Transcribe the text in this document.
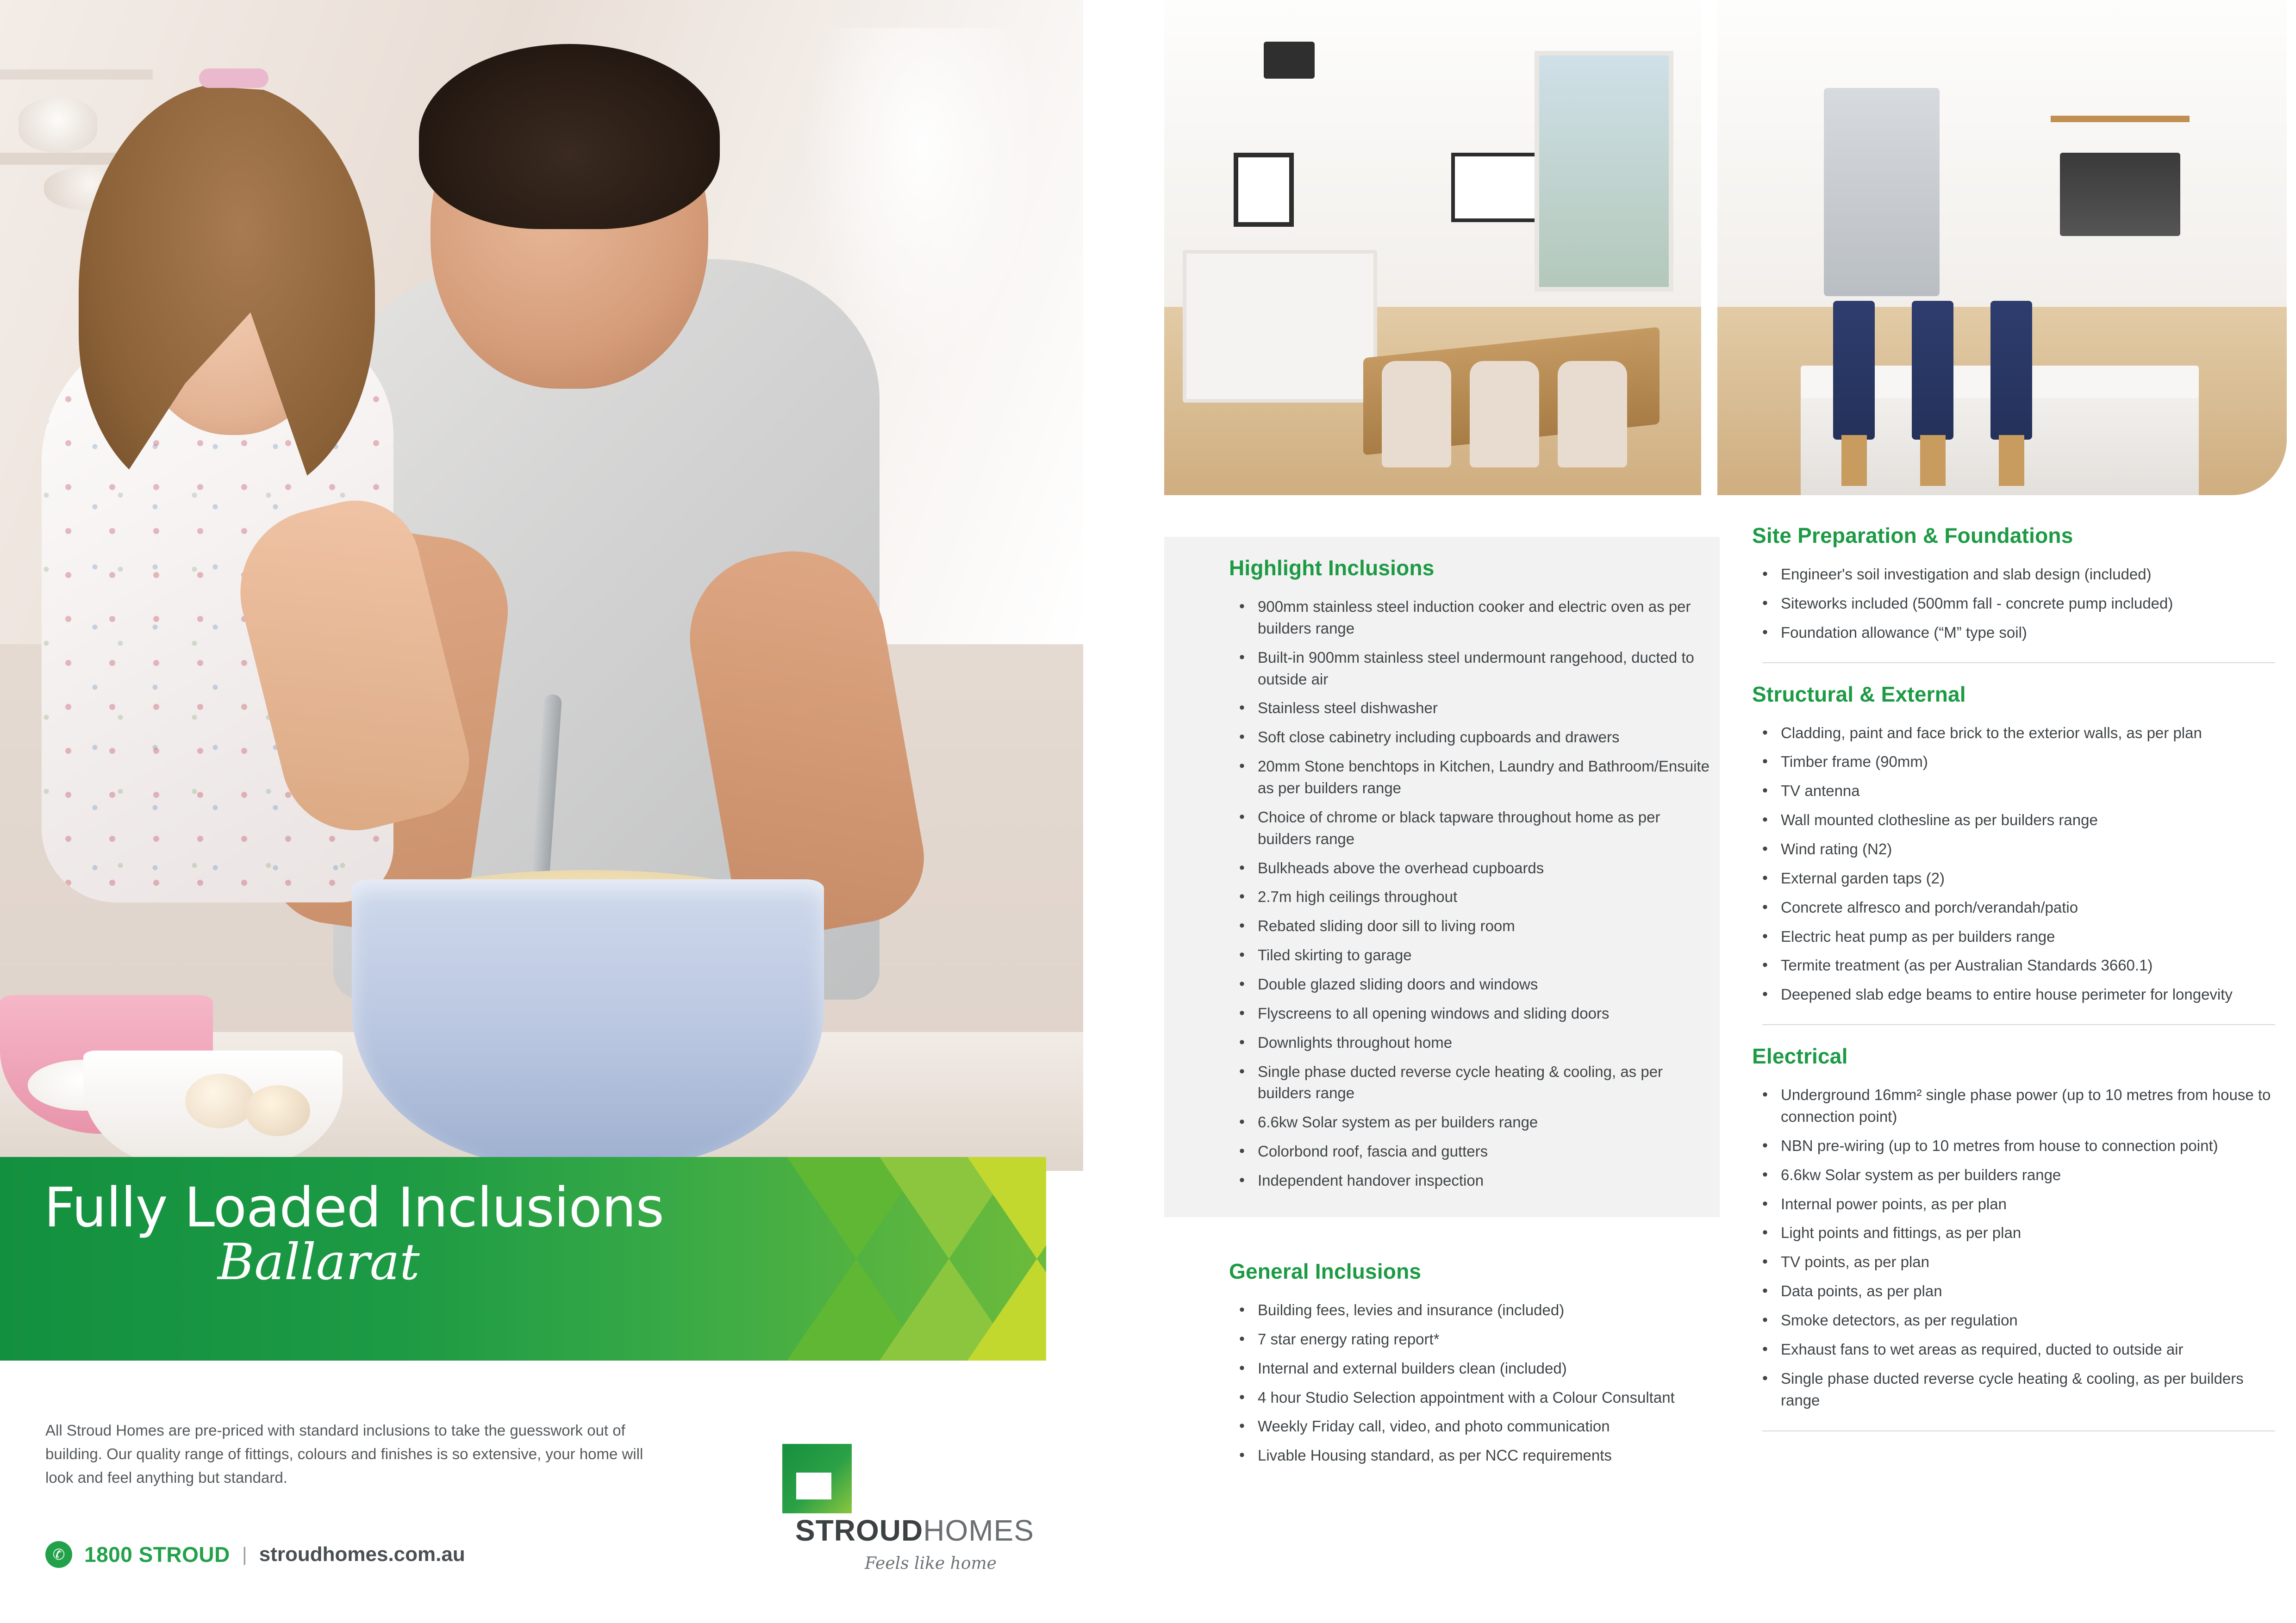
Fully Loaded Inclusions
Ballarat
All Stroud Homes are pre-priced with standard inclusions to take the guesswork out of building. Our quality range of fittings, colours and finishes is so extensive, your home will look and feel anything but standard.
✆ 1800 STROUD | stroudhomes.com.au
STROUDHOMES
Feels like home
Highlight Inclusions
• 900mm stainless steel induction cooker and electric oven as per builders range
• Built-in 900mm stainless steel undermount rangehood, ducted to outside air
• Stainless steel dishwasher
• Soft close cabinetry including cupboards and drawers
• 20mm Stone benchtops in Kitchen, Laundry and Bathroom/Ensuite as per builders range
• Choice of chrome or black tapware throughout home as per builders range
• Bulkheads above the overhead cupboards
• 2.7m high ceilings throughout
• Rebated sliding door sill to living room
• Tiled skirting to garage
• Double glazed sliding doors and windows
• Flyscreens to all opening windows and sliding doors
• Downlights throughout home
• Single phase ducted reverse cycle heating & cooling, as per builders range
• 6.6kw Solar system as per builders range
• Colorbond roof, fascia and gutters
• Independent handover inspection
General Inclusions
• Building fees, levies and insurance (included)
• 7 star energy rating report*
• Internal and external builders clean (included)
• 4 hour Studio Selection appointment with a Colour Consultant
• Weekly Friday call, video, and photo communication
• Livable Housing standard, as per NCC requirements
Site Preparation & Foundations
• Engineer's soil investigation and slab design (included)
• Siteworks included (500mm fall - concrete pump included)
• Foundation allowance (“M” type soil)
Structural & External
• Cladding, paint and face brick to the exterior walls, as per plan
• Timber frame (90mm)
• TV antenna
• Wall mounted clothesline as per builders range
• Wind rating (N2)
• External garden taps (2)
• Concrete alfresco and porch/verandah/patio
• Electric heat pump as per builders range
• Termite treatment (as per Australian Standards 3660.1)
• Deepened slab edge beams to entire house perimeter for longevity
Electrical
• Underground 16mm² single phase power (up to 10 metres from house to connection point)
• NBN pre-wiring (up to 10 metres from house to connection point)
• 6.6kw Solar system as per builders range
• Internal power points, as per plan
• Light points and fittings, as per plan
• TV points, as per plan
• Data points, as per plan
• Smoke detectors, as per regulation
• Exhaust fans to wet areas as required, ducted to outside air
• Single phase ducted reverse cycle heating & cooling, as per builders range
